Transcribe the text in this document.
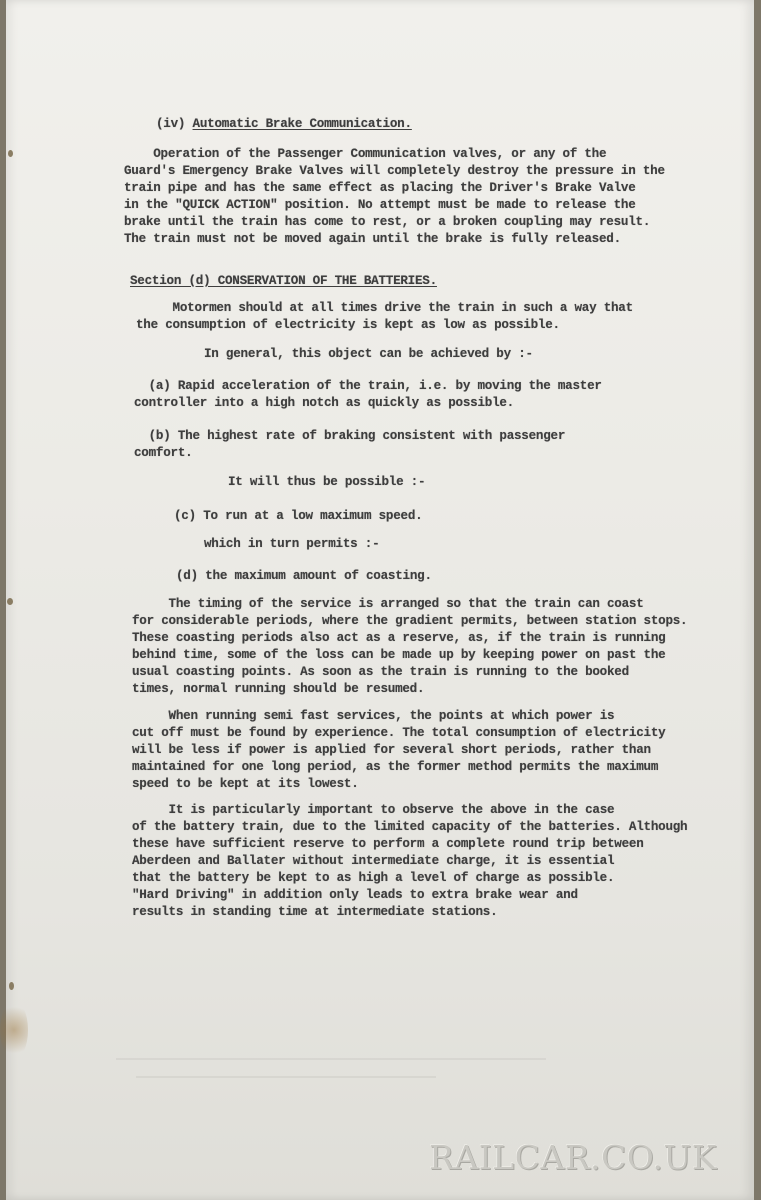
(iv) Automatic Brake Communication.

Operation of the Passenger Communication valves, or any of the
Guard's Emergency Brake Valves will completely destroy the pressure in the
train pipe and has the same effect as placing the Driver's Brake Valve
in the "QUICK ACTION" position. No attempt must be made to release the
brake until the train has come to rest, or a broken coupling may result.
The train must not be moved again until the brake is fully released.

Section (d) CONSERVATION OF THE BATTERIES.

Motormen should at all times drive the train in such a way that
the consumption of electricity is kept as low as possible.

In general, this object can be achieved by :-

(a) Rapid acceleration of the train, i.e. by moving the master
controller into a high notch as quickly as possible.

(b) The highest rate of braking consistent with passenger
comfort.

It will thus be possible :-

(c) To run at a low maximum speed.

which in turn permits :-

(d) the maximum amount of coasting.

The timing of the service is arranged so that the train can coast
for considerable periods, where the gradient permits, between station stops.
These coasting periods also act as a reserve, as, if the train is running
behind time, some of the loss can be made up by keeping power on past the
usual coasting points. As soon as the train is running to the booked
times, normal running should be resumed.

When running semi fast services, the points at which power is
cut off must be found by experience. The total consumption of electricity
will be less if power is applied for several short periods, rather than
maintained for one long period, as the former method permits the maximum
speed to be kept at its lowest.

It is particularly important to observe the above in the case
of the battery train, due to the limited capacity of the batteries. Although
these have sufficient reserve to perform a complete round trip between
Aberdeen and Ballater without intermediate charge, it is essential
that the battery be kept to as high a level of charge as possible.
"Hard Driving" in addition only leads to extra brake wear and
results in standing time at intermediate stations.

RAILCAR.CO.UK
